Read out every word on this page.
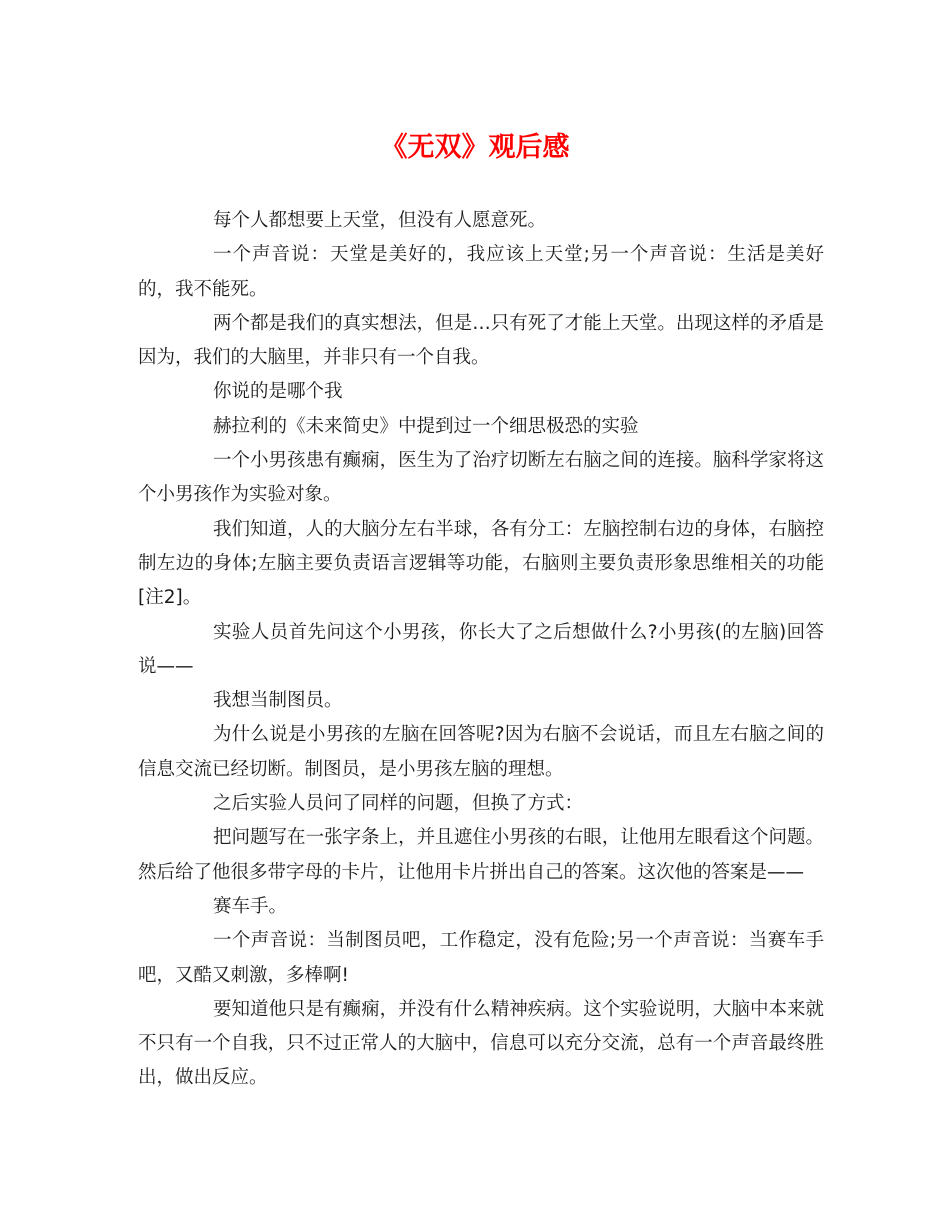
《无双》观后感

每个人都想要上天堂，但没有人愿意死。

一个声音说：天堂是美好的，我应该上天堂;另一个声音说：生活是美好的，我不能死。

两个都是我们的真实想法，但是…只有死了才能上天堂。出现这样的矛盾是因为，我们的大脑里，并非只有一个自我。

你说的是哪个我

赫拉利的《未来简史》中提到过一个细思极恐的实验

一个小男孩患有癫痫，医生为了治疗切断左右脑之间的连接。脑科学家将这个小男孩作为实验对象。

我们知道，人的大脑分左右半球，各有分工：左脑控制右边的身体，右脑控制左边的身体;左脑主要负责语言逻辑等功能，右脑则主要负责形象思维相关的功能[注2]。

实验人员首先问这个小男孩，你长大了之后想做什么?小男孩(的左脑)回答说——

我想当制图员。

为什么说是小男孩的左脑在回答呢?因为右脑不会说话，而且左右脑之间的信息交流已经切断。制图员，是小男孩左脑的理想。

之后实验人员问了同样的问题，但换了方式：

把问题写在一张字条上，并且遮住小男孩的右眼，让他用左眼看这个问题。然后给了他很多带字母的卡片，让他用卡片拼出自己的答案。这次他的答案是——

赛车手。

一个声音说：当制图员吧，工作稳定，没有危险;另一个声音说：当赛车手吧，又酷又刺激，多棒啊!

要知道他只是有癫痫，并没有什么精神疾病。这个实验说明，大脑中本来就不只有一个自我，只不过正常人的大脑中，信息可以充分交流，总有一个声音最终胜出，做出反应。
